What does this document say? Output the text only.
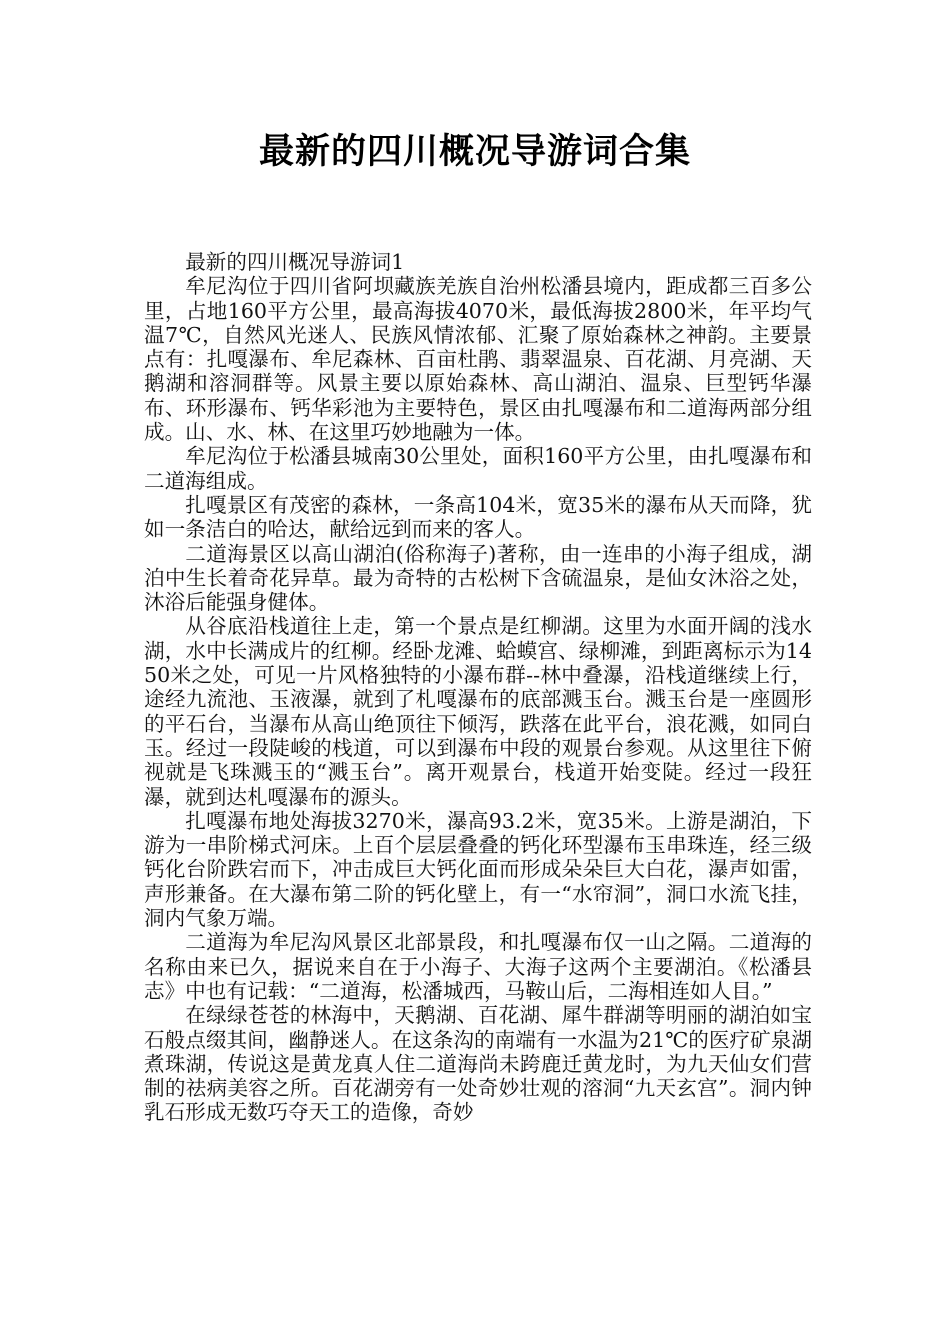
最新的四川概况导游词合集

最新的四川概况导游词1

牟尼沟位于四川省阿坝藏族羌族自治州松潘县境内，距成都三百多公里，占地160平方公里，最高海拔4070米，最低海拔2800米，年平均气温7℃，自然风光迷人、民族风情浓郁、汇聚了原始森林之神韵。主要景点有：扎嘎瀑布、牟尼森林、百亩杜鹃、翡翠温泉、百花湖、月亮湖、天鹅湖和溶洞群等。风景主要以原始森林、高山湖泊、温泉、巨型钙华瀑布、环形瀑布、钙华彩池为主要特色，景区由扎嘎瀑布和二道海两部分组成。山、水、林、在这里巧妙地融为一体。

牟尼沟位于松潘县城南30公里处，面积160平方公里，由扎嘎瀑布和二道海组成。

扎嘎景区有茂密的森林，一条高104米，宽35米的瀑布从天而降，犹如一条洁白的哈达，献给远到而来的客人。

二道海景区以高山湖泊(俗称海子)著称，由一连串的小海子组成，湖泊中生长着奇花异草。最为奇特的古松树下含硫温泉，是仙女沐浴之处，沐浴后能强身健体。

从谷底沿栈道往上走，第一个景点是红柳湖。这里为水面开阔的浅水湖，水中长满成片的红柳。经卧龙滩、蛤蟆宫、绿柳滩，到距离标示为1450米之处，可见一片风格独特的小瀑布群--林中叠瀑，沿栈道继续上行，途经九流池、玉液瀑，就到了札嘎瀑布的底部溅玉台。溅玉台是一座圆形的平石台，当瀑布从高山绝顶往下倾泻，跌落在此平台，浪花溅，如同白玉。经过一段陡峻的栈道，可以到瀑布中段的观景台参观。从这里往下俯视就是飞珠溅玉的“溅玉台”。离开观景台，栈道开始变陡。经过一段狂瀑，就到达札嘎瀑布的源头。

扎嘎瀑布地处海拔3270米，瀑高93.2米，宽35米。上游是湖泊，下游为一串阶梯式河床。上百个层层叠叠的钙化环型瀑布玉串珠连，经三级钙化台阶跌宕而下，冲击成巨大钙化面而形成朵朵巨大白花，瀑声如雷，声形兼备。在大瀑布第二阶的钙化壁上，有一“水帘洞”，洞口水流飞挂，洞内气象万端。

二道海为牟尼沟风景区北部景段，和扎嘎瀑布仅一山之隔。二道海的名称由来已久，据说来自在于小海子、大海子这两个主要湖泊。《松潘县志》中也有记载：“二道海，松潘城西，马鞍山后，二海相连如人目。”

在绿绿苍苍的林海中，天鹅湖、百花湖、犀牛群湖等明丽的湖泊如宝石般点缀其间，幽静迷人。在这条沟的南端有一水温为21℃的医疗矿泉湖煮珠湖，传说这是黄龙真人住二道海尚未跨鹿迁黄龙时，为九天仙女们营制的祛病美容之所。百花湖旁有一处奇妙壮观的溶洞“九天玄宫”。洞内钟乳石形成无数巧夺天工的造像，奇妙
